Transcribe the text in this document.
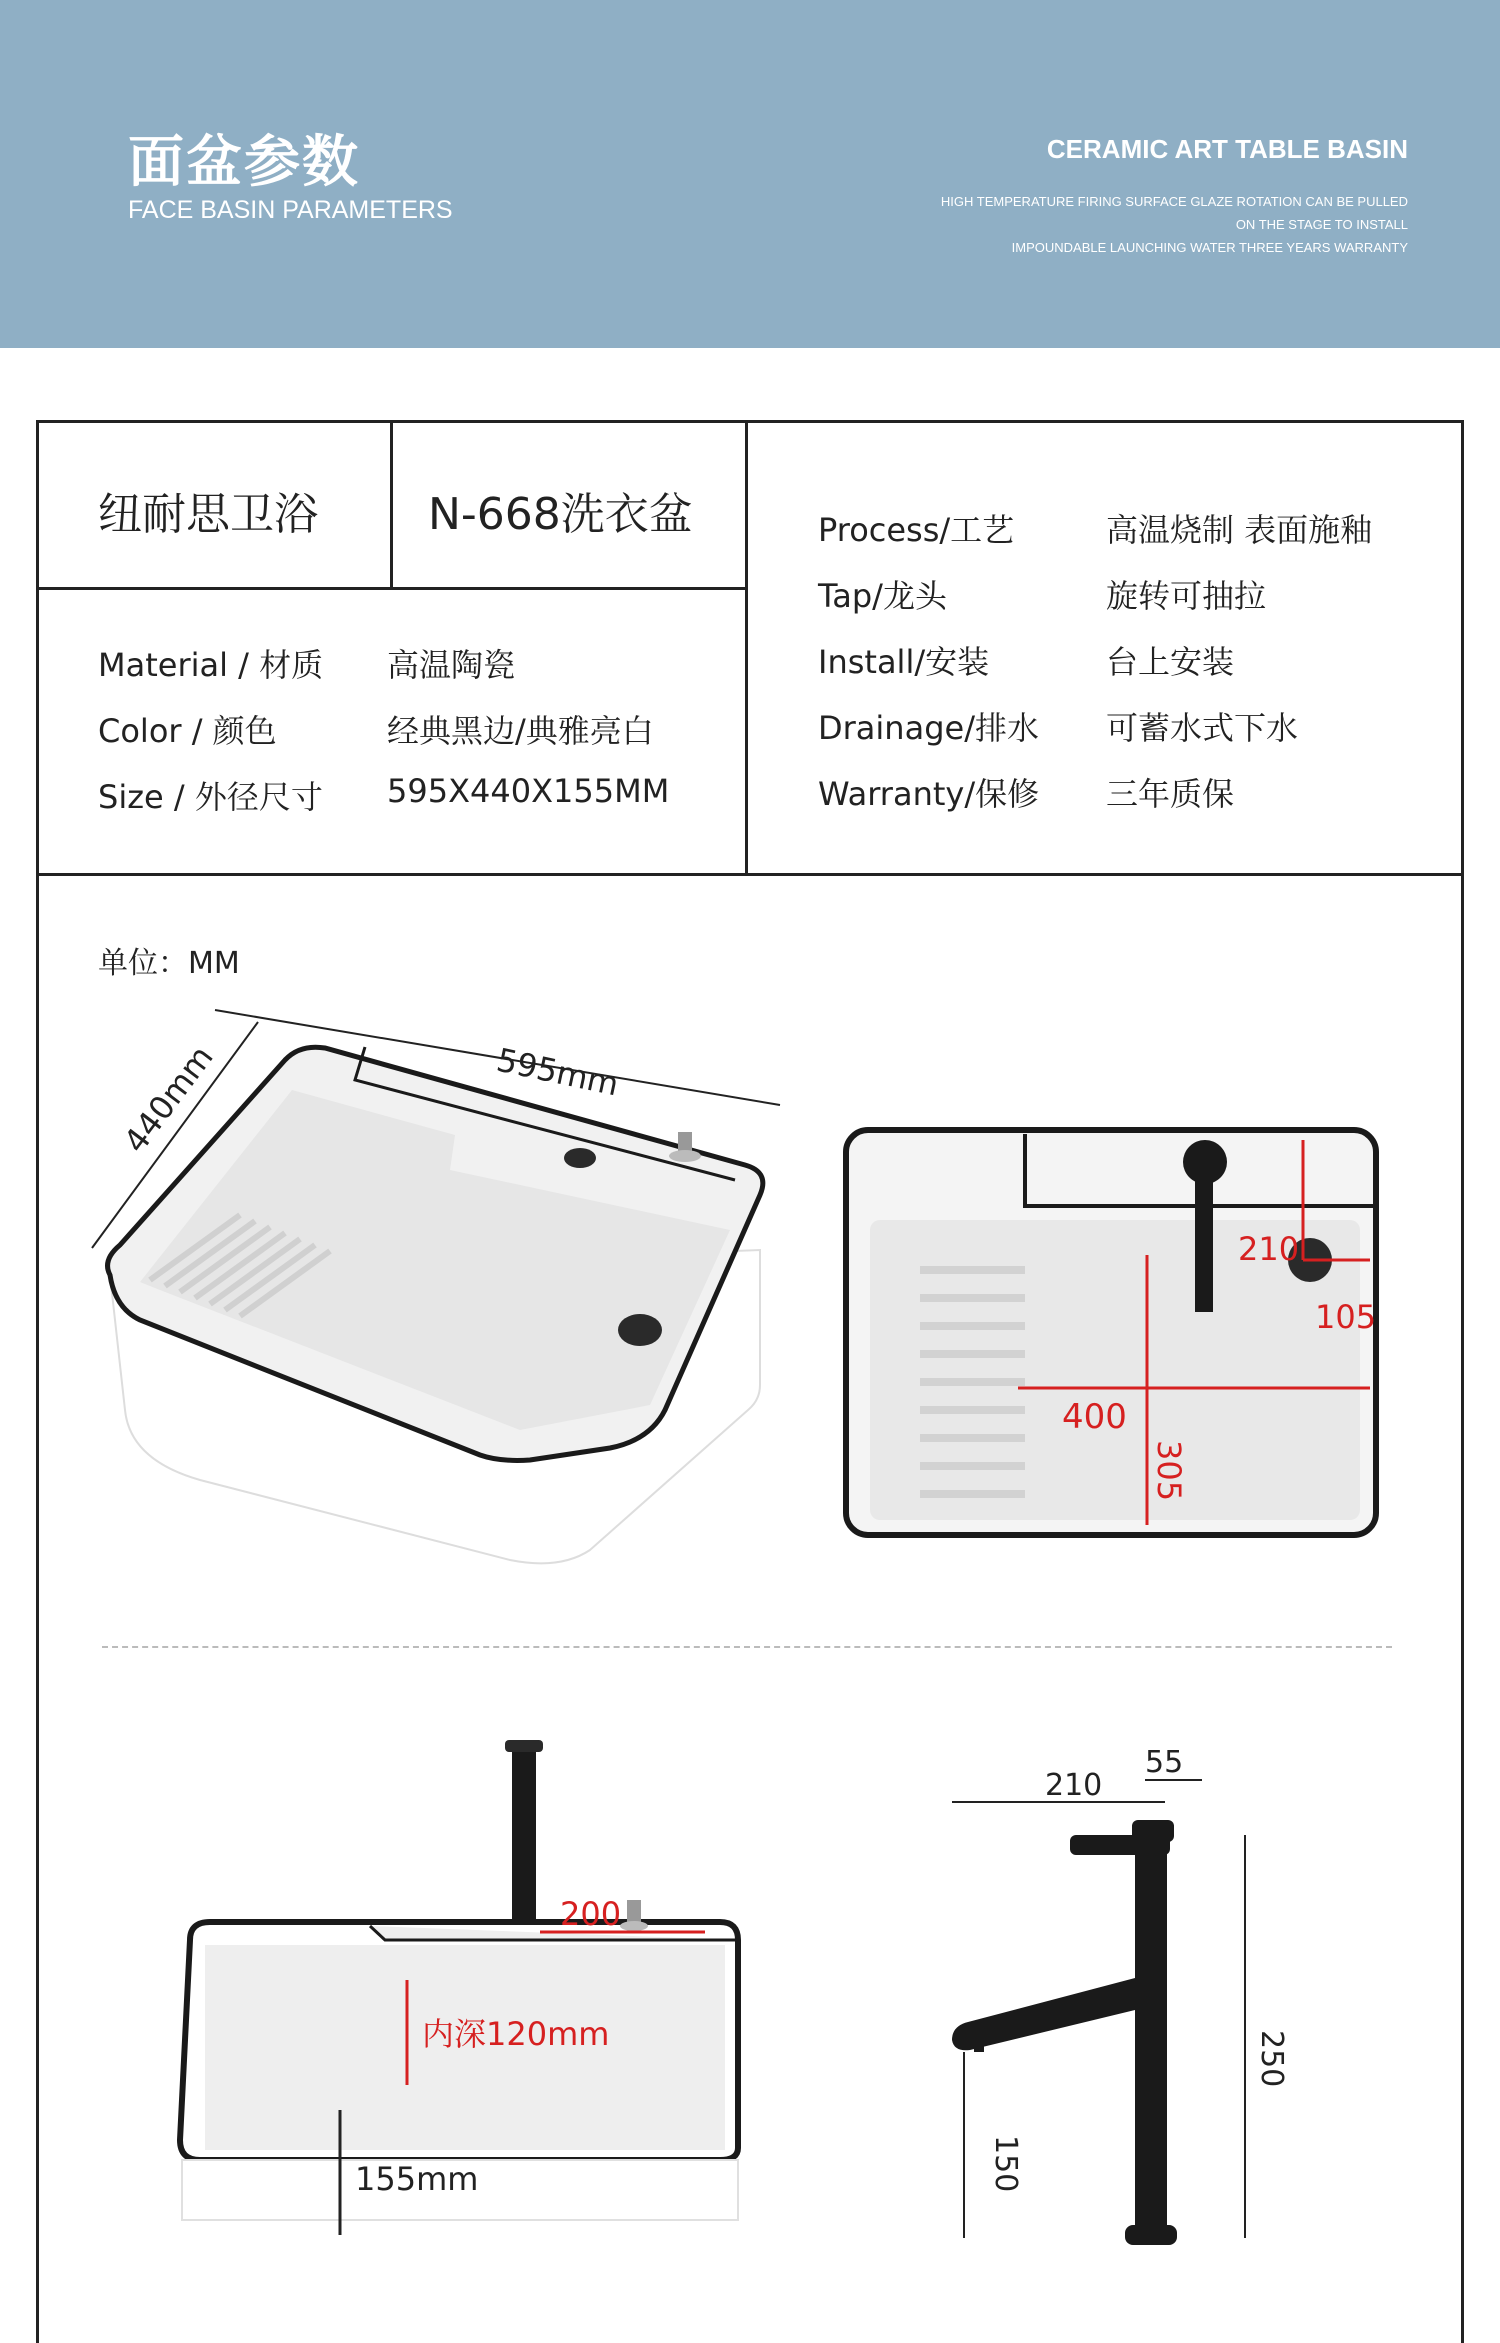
面盆参数
FACE BASIN PARAMETERS
CERAMIC ART TABLE BASIN
HIGH TEMPERATURE FIRING SURFACE GLAZE ROTATION CAN BE PULLED
ON THE STAGE TO INSTALL
IMPOUNDABLE LAUNCHING WATER THREE YEARS WARRANTY
纽耐思卫浴	N-668洗衣盆
Material / 材质 高温陶瓷
Color / 颜色	经典黑边/典雅亮白
Size / 外径尺寸 595X440X155MM
Process/工艺	高温烧制 表面施釉
Tap/龙头	旋转可抽拉
Install/安装	台上安装
Drainage/排水 可蓄水式下水
Warranty/保修 三年质保
单位：MM
595mm
440mm
210
105
400
305
200
内深120mm
155mm
210
55
150
250
